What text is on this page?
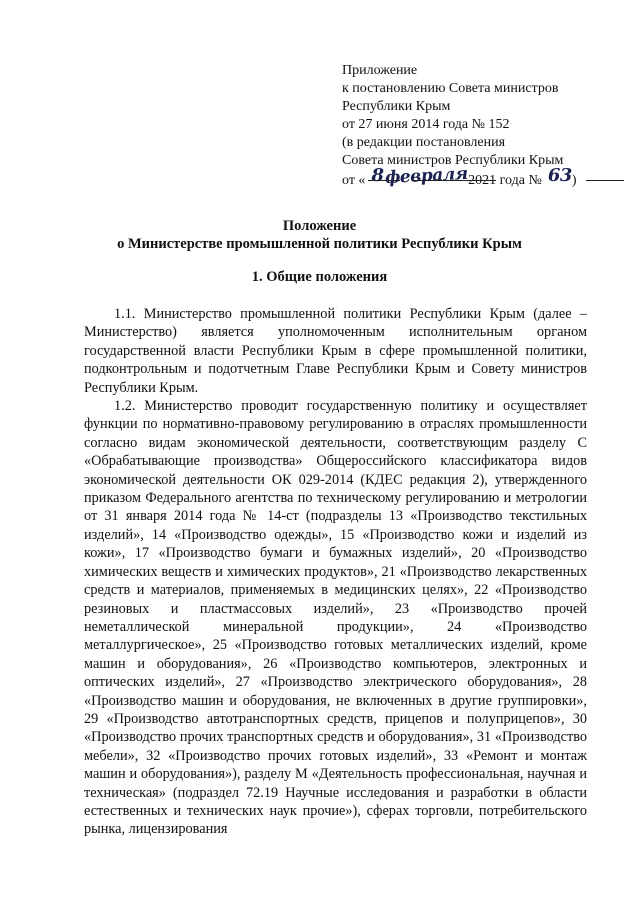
Приложение
к постановлению Совета министров
Республики Крым
от 27 июня 2014 года № 152
(в редакции постановления
Совета министров Республики Крым
от « 8февраля2021 года № 63)
Положение
о Министерстве промышленной политики Республики Крым
1. Общие положения

1.1. Министерство промышленной политики Республики Крым (далее – Министерство) является уполномоченным исполнительным органом государственной власти Республики Крым в сфере промышленной политики, подконтрольным и подотчетным Главе Республики Крым и Совету министров Республики Крым.

1.2. Министерство проводит государственную политику и осуществляет функции по нормативно-правовому регулированию в отраслях промышленности согласно видам экономической деятельности, соответствующим разделу С «Обрабатывающие производства» Общероссийского классификатора видов экономической деятельности ОК 029-2014 (КДЕС редакция 2), утвержденного приказом Федерального агентства по техническому регулированию и метрологии от 31 января 2014 года № 14-ст (подразделы 13 «Производство текстильных изделий», 14 «Производство одежды», 15 «Производство кожи и изделий из кожи», 17 «Производство бумаги и бумажных изделий», 20 «Производство химических веществ и химических продуктов», 21 «Производство лекарственных средств и материалов, применяемых в медицинских целях», 22 «Производство резиновых и пластмассовых изделий», 23 «Производство прочей неметаллической минеральной продукции», 24 «Производство металлургическое», 25 «Производство готовых металлических изделий, кроме машин и оборудования», 26 «Производство компьютеров, электронных и оптических изделий», 27 «Производство электрического оборудования», 28 «Производство машин и оборудования, не включенных в другие группировки», 29 «Производство автотранспортных средств, прицепов и полуприцепов», 30 «Производство прочих транспортных средств и оборудования», 31 «Производство мебели», 32 «Производство прочих готовых изделий», 33 «Ремонт и монтаж машин и оборудования»), разделу М «Деятельность профессиональная, научная и техническая» (подраздел 72.19 Научные исследования и разработки в области естественных и технических наук прочие»), сферах торговли, потребительского рынка, лицензирования
